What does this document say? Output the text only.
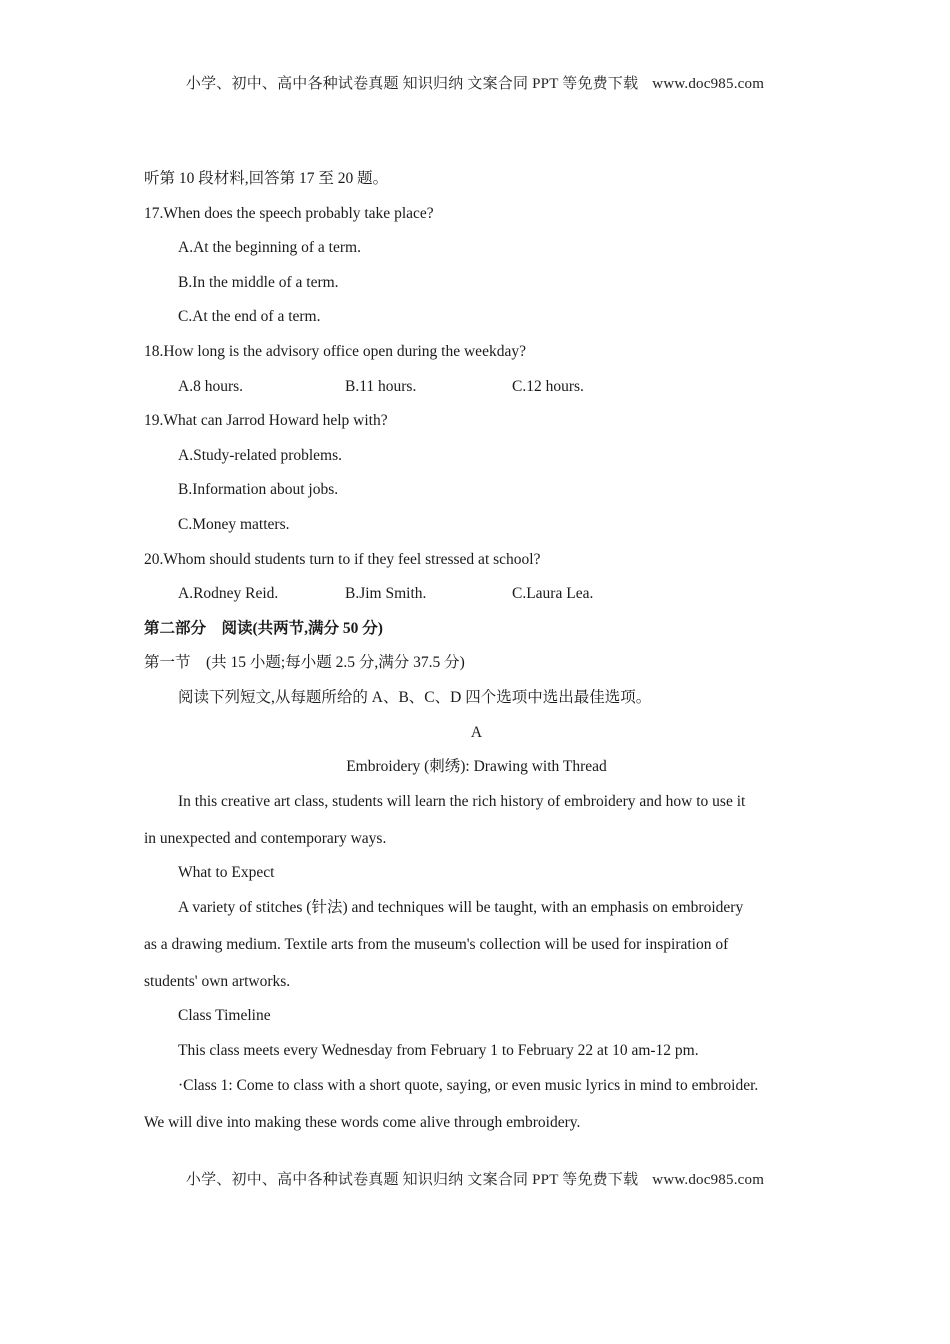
小学、初中、高中各种试卷真题 知识归纳 文案合同 PPT 等免费下载 www.doc985.com
听第 10 段材料,回答第 17 至 20 题。
17.When does the speech probably take place?
A.At the beginning of a term.
B.In the middle of a term.
C.At the end of a term.
18.How long is the advisory office open during the weekday?
A.8 hours.	B.11 hours.	C.12 hours.
19.What can Jarrod Howard help with?
A.Study-related problems.
B.Information about jobs.
C.Money matters.
20.Whom should students turn to if they feel stressed at school?
A.Rodney Reid.	B.Jim Smith.	C.Laura Lea.
第二部分　阅读(共两节,满分 50 分)
第一节　(共 15 小题;每小题 2.5 分,满分 37.5 分)
阅读下列短文,从每题所给的 A、B、C、D 四个选项中选出最佳选项。
A
Embroidery (刺绣): Drawing with Thread
In this creative art class, students will learn the rich history of embroidery and how to use it
in unexpected and contemporary ways.
What to Expect
A variety of stitches (针法) and techniques will be taught, with an emphasis on embroidery
as a drawing medium. Textile arts from the museum's collection will be used for inspiration of
students' own artworks.
Class Timeline
This class meets every Wednesday from February 1 to February 22 at 10 am-12 pm.
·Class 1: Come to class with a short quote, saying, or even music lyrics in mind to embroider.
We will dive into making these words come alive through embroidery.
小学、初中、高中各种试卷真题 知识归纳 文案合同 PPT 等免费下载 www.doc985.com
